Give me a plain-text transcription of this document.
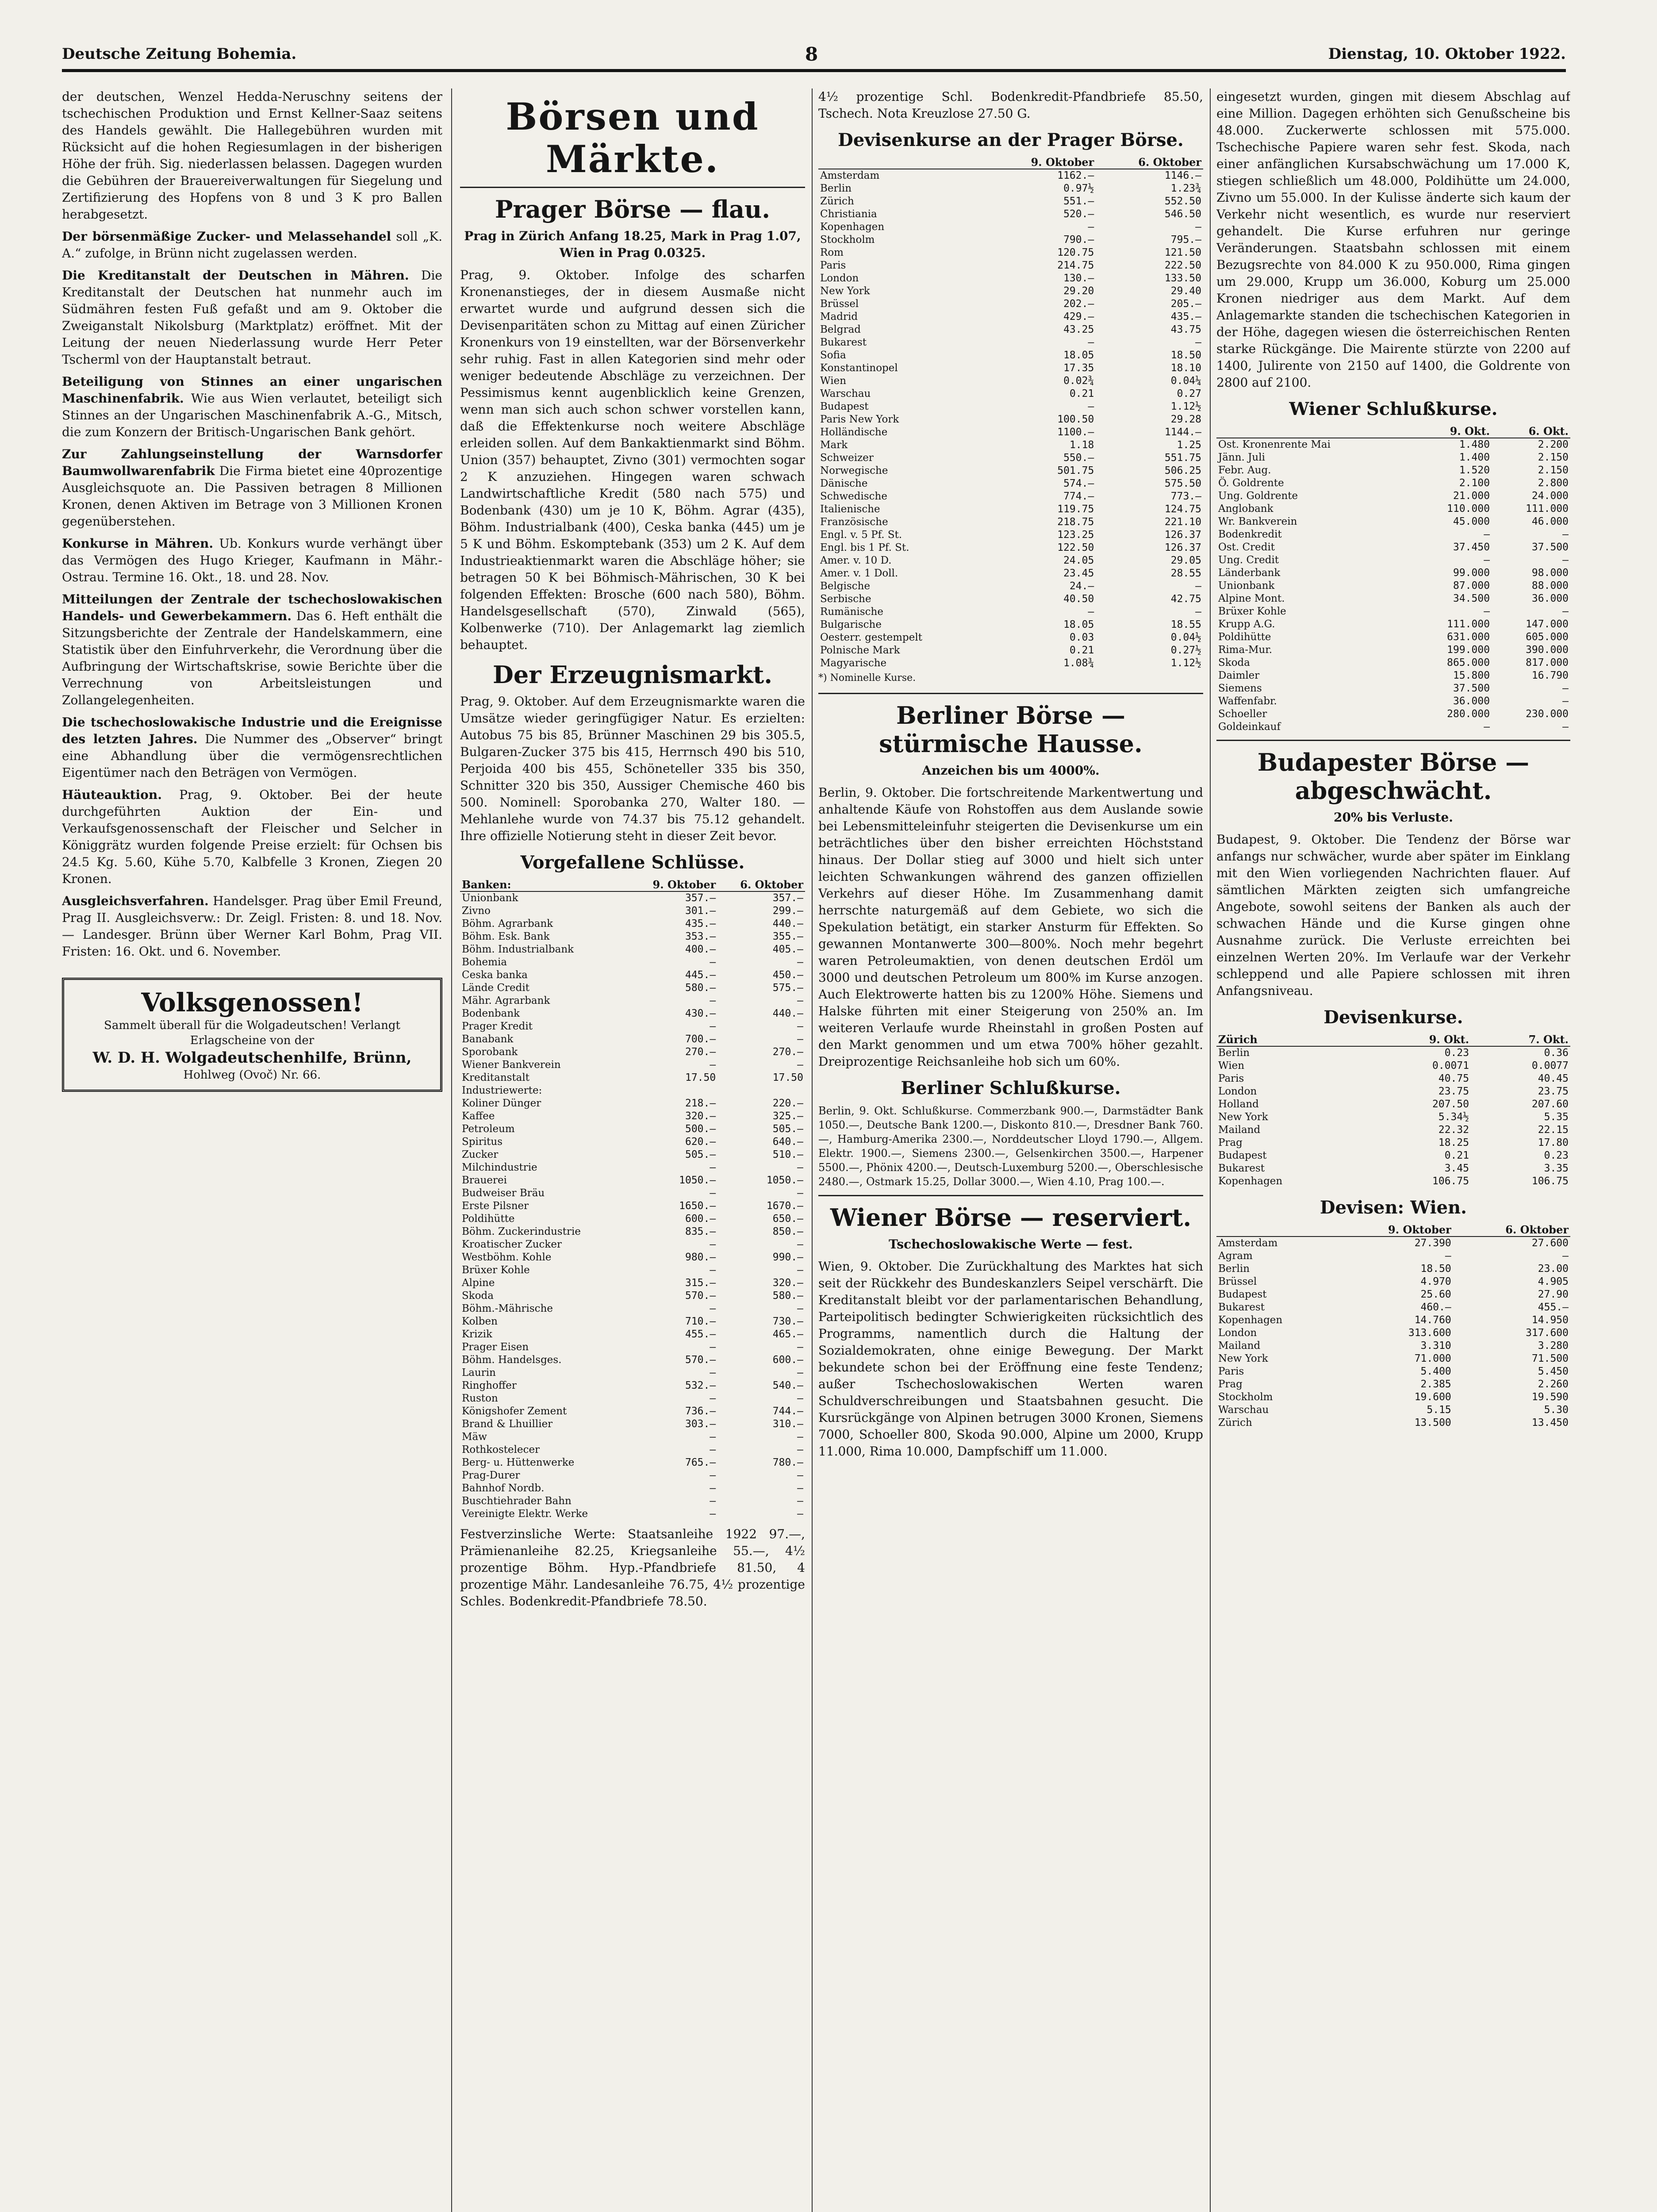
Deutsche Zeitung Bohemia.	8	Dienstag, 10. Oktober 1922.

der deutschen, Wenzel Hedda-Neruschny seitens der tschechischen Produktion und Ernst Kellner-Saaz seitens des Handels gewählt. Die Hallegebühren wurden mit Rücksicht auf die hohen Regiesumlagen in der bisherigen Höhe der früh. Sig. niederlassen belassen. Dagegen wurden die Gebühren der Brauereiverwaltungen für Siegelung und Zertifizierung des Hopfens von 8 und 3 K pro Ballen herabgesetzt.

Der börsenmäßige Zucker- und Melassehandel soll „K. A.“ zufolge, in Brünn nicht zugelassen werden.

Die Kreditanstalt der Deutschen in Mähren. Die Kreditanstalt der Deutschen hat nunmehr auch im Südmähren festen Fuß gefaßt und am 9. Oktober die Zweiganstalt Nikolsburg (Marktplatz) eröffnet. Mit der Leitung der neuen Niederlassung wurde Herr Peter Tscherml von der Hauptanstalt betraut.

Beteiligung von Stinnes an einer ungarischen Maschinenfabrik. Wie aus Wien verlautet, beteiligt sich Stinnes an der Ungarischen Maschinenfabrik A.-G., Mitsch, die zum Konzern der Britisch-Ungarischen Bank gehört.

Zur Zahlungseinstellung der Warnsdorfer Baumwollwarenfabrik Die Firma bietet eine 40prozentige Ausgleichsquote an. Die Passiven betragen 8 Millionen Kronen, denen Aktiven im Betrage von 3 Millionen Kronen gegenüberstehen.

Konkurse in Mähren. Ub. Konkurs wurde verhängt über das Vermögen des Hugo Krieger, Kaufmann in Mähr.-Ostrau. Termine 16. Okt., 18. und 28. Nov.

Mitteilungen der Zentrale der tschechoslowakischen Handels- und Gewerbekammern. Das 6. Heft enthält die Sitzungsberichte der Zentrale der Handelskammern, eine Statistik über den Einfuhrverkehr, die Verordnung über die Aufbringung der Wirtschaftskrise, sowie Berichte über die Verrechnung von Arbeitsleistungen und Zollangelegenheiten.

Die tschechoslowakische Industrie und die Ereignisse des letzten Jahres. Die Nummer des „Observer“ bringt eine Abhandlung über die vermögensrechtlichen Eigentümer nach den Beträgen von Vermögen.

Häuteauktion. Prag, 9. Oktober. Bei der heute durchgeführten Auktion der Ein- und Verkaufsgenossenschaft der Fleischer und Selcher in Königgrätz wurden folgende Preise erzielt: für Ochsen bis 24.5 Kg. 5.60, Kühe 5.70, Kalbfelle 3 Kronen, Ziegen 20 Kronen.

Ausgleichsverfahren. Handelsger. Prag über Emil Freund, Prag II. Ausgleichsverw.: Dr. Zeigl. Fristen: 8. und 18. Nov. — Landesger. Brünn über Werner Karl Bohm, Prag VII. Fristen: 16. Okt. und 6. November.

Volksgenossen!
Sammelt überall für die Wolgadeutschen! Verlangt Erlagscheine von der
W. D. H. Wolgadeutschenhilfe, Brünn,
Hohlweg (Ovoč) Nr. 66.
Börsen und Märkte.
Prager Börse — flau.

Prag in Zürich Anfang 18.25, Mark in Prag 1.07, Wien in Prag 0.0325.

Prag, 9. Oktober. Infolge des scharfen Kronenanstieges, der in diesem Ausmaße nicht erwartet wurde und aufgrund dessen sich die Devisenparitäten schon zu Mittag auf einen Züricher Kronenkurs von 19 einstellten, war der Börsenverkehr sehr ruhig. Fast in allen Kategorien sind mehr oder weniger bedeutende Abschläge zu verzeichnen. Der Pessimismus kennt augenblicklich keine Grenzen, wenn man sich auch schon schwer vorstellen kann, daß die Effektenkurse noch weitere Abschläge erleiden sollen. Auf dem Bankaktienmarkt sind Böhm. Union (357) behauptet, Zivno (301) vermochten sogar 2 K anzuziehen. Hingegen waren schwach Landwirtschaftliche Kredit (580 nach 575) und Bodenbank (430) um je 10 K, Böhm. Agrar (435), Böhm. Industrialbank (400), Ceska banka (445) um je 5 K und Böhm. Eskomptebank (353) um 2 K. Auf dem Industrieaktienmarkt waren die Abschläge höher; sie betragen 50 K bei Böhmisch-Mährischen, 30 K bei folgenden Effekten: Brosche (600 nach 580), Böhm. Handelsgesellschaft (570), Zinwald (565), Kolbenwerke (710). Der Anlagemarkt lag ziemlich behauptet.

Der Erzeugnismarkt.

Prag, 9. Oktober. Auf dem Erzeugnismarkte waren die Umsätze wieder geringfügiger Natur. Es erzielten: Autobus 75 bis 85, Brünner Maschinen 29 bis 305.5, Bulgaren-Zucker 375 bis 415, Herrnsch 490 bis 510, Perjoida 400 bis 455, Schöneteller 335 bis 350, Schnitter 320 bis 350, Aussiger Chemische 460 bis 500. Nominell: Sporobanka 270, Walter 180. — Mehlanlehe wurde von 74.37 bis 75.12 gehandelt. Ihre offizielle Notierung steht in dieser Zeit bevor.

Vorgefallene Schlüsse.
Banken:	9. Oktober	6. Oktober
Unionbank	357.—	357.—
Zivno	301.—	299.—
Böhm. Agrarbank	435.—	440.—
Böhm. Esk. Bank	353.—	355.—
Böhm. Industrialbank	400.—	405.—
Bohemia	—	—
Ceska banka	445.—	450.—
Lände Credit	580.—	575.—
Mähr. Agrarbank	—	—
Bodenbank	430.—	440.—
Prager Kredit	—	—
Banabank	700.—	—
Sporobank	270.—	270.—
Wiener Bankverein	—	—
Kreditanstalt	17.50	17.50
Industriewerte:		
Koliner Dünger	218.—	220.—
Kaffee	320.—	325.—
Petroleum	500.—	505.—
Spiritus	620.—	640.—
Zucker	505.—	510.—
Milchindustrie	—	—
Brauerei	1050.—	1050.—
Budweiser Bräu	—	—
Erste Pilsner	1650.—	1670.—
Poldihütte	600.—	650.—
Böhm. Zuckerindustrie	835.—	850.—
Kroatischer Zucker	—	—
Westböhm. Kohle	980.—	990.—
Brüxer Kohle	—	—
Alpine	315.—	320.—
Skoda	570.—	580.—
Böhm.-Mährische	—	—
Kolben	710.—	730.—
Krizik	455.—	465.—
Prager Eisen	—	—
Böhm. Handelsges.	570.—	600.—
Laurin	—	—
Ringhoffer	532.—	540.—
Ruston	—	—
Königshofer Zement	736.—	744.—
Brand & Lhuillier	303.—	310.—
Mäw	—	—
Rothkostelecer	—	—
Berg- u. Hüttenwerke	765.—	780.—
Prag-Durer	—	—
Bahnhof Nordb.	—	—
Buschtiehrader Bahn	—	—
Vereinigte Elektr. Werke	—	—

Festverzinsliche Werte: Staatsanleihe 1922 97.—, Prämienanleihe 82.25, Kriegsanleihe 55.—, 4½ prozentige Böhm. Hyp.-Pfandbriefe 81.50, 4 prozentige Mähr. Landesanleihe 76.75, 4½ prozentige Schles. Bodenkredit-Pfandbriefe 78.50.

4½ prozentige Schl. Bodenkredit-Pfandbriefe 85.50, Tschech. Nota Kreuzlose 27.50 G.

Devisenkurse an der Prager Börse.
	9. Oktober	6. Oktober
Amsterdam	1162.—	1146.—
Berlin	0.97½	1.23¾
Zürich	551.—	552.50
Christiania	520.—	546.50
Kopenhagen	—	—
Stockholm	790.—	795.—
Rom	120.75	121.50
Paris	214.75	222.50
London	130.—	133.50
New York	29.20	29.40
Brüssel	202.—	205.—
Madrid	429.—	435.—
Belgrad	43.25	43.75
Bukarest	—	—
Sofia	18.05	18.50
Konstantinopel	17.35	18.10
Wien	0.02¾	0.04¼
Warschau	0.21	0.27
Budapest	—	1.12½
Paris New York	100.50	29.28
Holländische	1100.—	1144.—
Mark	1.18	1.25
Schweizer	550.—	551.75
Norwegische	501.75	506.25
Dänische	574.—	575.50
Schwedische	774.—	773.—
Italienische	119.75	124.75
Französische	218.75	221.10
Engl. v. 5 Pf. St.	123.25	126.37
Engl. bis 1 Pf. St.	122.50	126.37
Amer. v. 10 D.	24.05	29.05
Amer. v. 1 Doll.	23.45	28.55
Belgische	24.—	—
Serbische	40.50	42.75
Rumänische	—	—
Bulgarische	18.05	18.55
Oesterr. gestempelt	0.03	0.04½
Polnische Mark	0.21	0.27½
Magyarische	1.08¾	1.12½

*) Nominelle Kurse.

Berliner Börse — stürmische Hausse.

Anzeichen bis um 4000%.

Berlin, 9. Oktober. Die fortschreitende Markentwertung und anhaltende Käufe von Rohstoffen aus dem Auslande sowie bei Lebensmitteleinfuhr steigerten die Devisenkurse um ein beträchtliches über den bisher erreichten Höchststand hinaus. Der Dollar stieg auf 3000 und hielt sich unter leichten Schwankungen während des ganzen offiziellen Verkehrs auf dieser Höhe. Im Zusammenhang damit herrschte naturgemäß auf dem Gebiete, wo sich die Spekulation betätigt, ein starker Ansturm für Effekten. So gewannen Montanwerte 300—800%. Noch mehr begehrt waren Petroleumaktien, von denen deutschen Erdöl um 3000 und deutschen Petroleum um 800% im Kurse anzogen. Auch Elektrowerte hatten bis zu 1200% Höhe. Siemens und Halske führten mit einer Steigerung von 250% an. Im weiteren Verlaufe wurde Rheinstahl in großen Posten auf den Markt genommen und um etwa 700% höher gezahlt. Dreiprozentige Reichsanleihe hob sich um 60%.

Berliner Schlußkurse.

Berlin, 9. Okt. Schlußkurse. Commerzbank 900.—, Darmstädter Bank 1050.—, Deutsche Bank 1200.—, Diskonto 810.—, Dresdner Bank 760.—, Hamburg-Amerika 2300.—, Norddeutscher Lloyd 1790.—, Allgem. Elektr. 1900.—, Siemens 2300.—, Gelsenkirchen 3500.—, Harpener 5500.—, Phönix 4200.—, Deutsch-Luxemburg 5200.—, Oberschlesische 2480.—, Ostmark 15.25, Dollar 3000.—, Wien 4.10, Prag 100.—.

Wiener Börse — reserviert.

Tschechoslowakische Werte — fest.

Wien, 9. Oktober. Die Zurückhaltung des Marktes hat sich seit der Rückkehr des Bundeskanzlers Seipel verschärft. Die Kreditanstalt bleibt vor der parlamentarischen Behandlung, Parteipolitisch bedingter Schwierigkeiten rücksichtlich des Programms, namentlich durch die Haltung der Sozialdemokraten, ohne einige Bewegung. Der Markt bekundete schon bei der Eröffnung eine feste Tendenz; außer Tschechoslowakischen Werten waren Schuldverschreibungen und Staatsbahnen gesucht. Die Kursrückgänge von Alpinen betrugen 3000 Kronen, Siemens 7000, Schoeller 800, Skoda 90.000, Alpine um 2000, Krupp 11.000, Rima 10.000, Dampfschiff um 11.000.

eingesetzt wurden, gingen mit diesem Abschlag auf eine Million. Dagegen erhöhten sich Genußscheine bis 48.000. Zuckerwerte schlossen mit 575.000. Tschechische Papiere waren sehr fest. Skoda, nach einer anfänglichen Kursabschwächung um 17.000 K, stiegen schließlich um 48.000, Poldihütte um 24.000, Zivno um 55.000. In der Kulisse änderte sich kaum der Verkehr nicht wesentlich, es wurde nur reserviert gehandelt. Die Kurse erfuhren nur geringe Veränderungen. Staatsbahn schlossen mit einem Bezugsrechte von 84.000 K zu 950.000, Rima gingen um 29.000, Krupp um 36.000, Koburg um 25.000 Kronen niedriger aus dem Markt. Auf dem Anlagemarkte standen die tschechischen Kategorien in der Höhe, dagegen wiesen die österreichischen Renten starke Rückgänge. Die Mairente stürzte von 2200 auf 1400, Julirente von 2150 auf 1400, die Goldrente von 2800 auf 2100.

Wiener Schlußkurse.
	9. Okt.	6. Okt.
Ost. Kronenrente Mai	1.480	2.200
Jänn. Juli	1.400	2.150
Febr. Aug.	1.520	2.150
Ö. Goldrente	2.100	2.800
Ung. Goldrente	21.000	24.000
Anglobank	110.000	111.000
Wr. Bankverein	45.000	46.000
Bodenkredit	—	—
Ost. Credit	37.450	37.500
Ung. Credit	—	—
Länderbank	99.000	98.000
Unionbank	87.000	88.000
Alpine Mont.	34.500	36.000
Brüxer Kohle	—	—
Krupp A.G.	111.000	147.000
Poldihütte	631.000	605.000
Rima-Mur.	199.000	390.000
Skoda	865.000	817.000
Daimler	15.800	16.790
Siemens	37.500	—
Waffenfabr.	36.000	—
Schoeller	280.000	230.000
Goldeinkauf	—	—
Budapester Börse — abgeschwächt.

20% bis Verluste.

Budapest, 9. Oktober. Die Tendenz der Börse war anfangs nur schwächer, wurde aber später im Einklang mit den Wien vorliegenden Nachrichten flauer. Auf sämtlichen Märkten zeigten sich umfangreiche Angebote, sowohl seitens der Banken als auch der schwachen Hände und die Kurse gingen ohne Ausnahme zurück. Die Verluste erreichten bei einzelnen Werten 20%. Im Verlaufe war der Verkehr schleppend und alle Papiere schlossen mit ihren Anfangsniveau.

Devisenkurse.
Zürich	9. Okt.	7. Okt.
Berlin	0.23	0.36
Wien	0.0071	0.0077
Paris	40.75	40.45
London	23.75	23.75
Holland	207.50	207.60
New York	5.34½	5.35
Mailand	22.32	22.15
Prag	18.25	17.80
Budapest	0.21	0.23
Bukarest	3.45	3.35
Kopenhagen	106.75	106.75
Devisen: Wien.
	9. Oktober	6. Oktober
Amsterdam	27.390	27.600
Agram	—	—
Berlin	18.50	23.00
Brüssel	4.970	4.905
Budapest	25.60	27.90
Bukarest	460.—	455.—
Kopenhagen	14.760	14.950
London	313.600	317.600
Mailand	3.310	3.280
New York	71.000	71.500
Paris	5.400	5.450
Prag	2.385	2.260
Stockholm	19.600	19.590
Warschau	5.15	5.30
Zürich	13.500	13.450
